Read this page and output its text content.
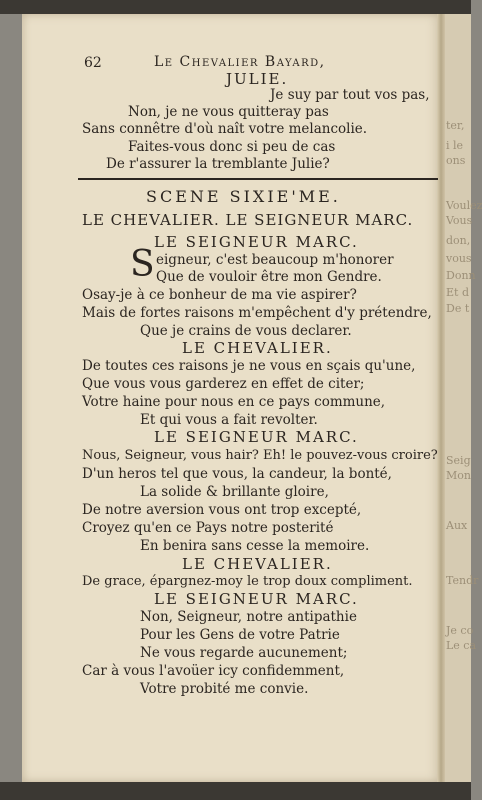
ter,
i le
ons
don,
vous
Voulez
Vous
Donn
Et d
De t
Seig
Mon
Aux
Tendr
Je co
Le ca
62	Le Chevalier Bayard,
JULIE.
Je suy par tout vos pas,
Non, je ne vous quitteray pas
Sans connêtre d'où naît votre melancolie.
Faites-vous donc si peu de cas
De r'assurer la tremblante Julie?
SCENE SIXIE'ME.
LE CHEVALIER. LE SEIGNEUR MARC.
LE SEIGNEUR MARC.
S eigneur, c'est beaucoup m'honorer
Que de vouloir être mon Gendre.
Osay-je à ce bonheur de ma vie aspirer?
Mais de fortes raisons m'empêchent d'y prétendre,
Que je crains de vous declarer.
LE CHEVALIER.
De toutes ces raisons je ne vous en sçais qu'une,
Que vous vous garderez en effet de citer;
Votre haine pour nous en ce pays commune,
Et qui vous a fait revolter.
LE SEIGNEUR MARC.
Nous, Seigneur, vous hair? Eh! le pouvez-vous croire?
D'un heros tel que vous, la candeur, la bonté,
La solide & brillante gloire,
De notre aversion vous ont trop excepté,
Croyez qu'en ce Pays notre posterité
En benira sans cesse la memoire.
LE CHEVALIER.
De grace, épargnez-moy le trop doux compliment.
LE SEIGNEUR MARC.
Non, Seigneur, notre antipathie
Pour les Gens de votre Patrie
Ne vous regarde aucunement;
Car à vous l'avoüer icy confidemment,
Votre probité me convie.
